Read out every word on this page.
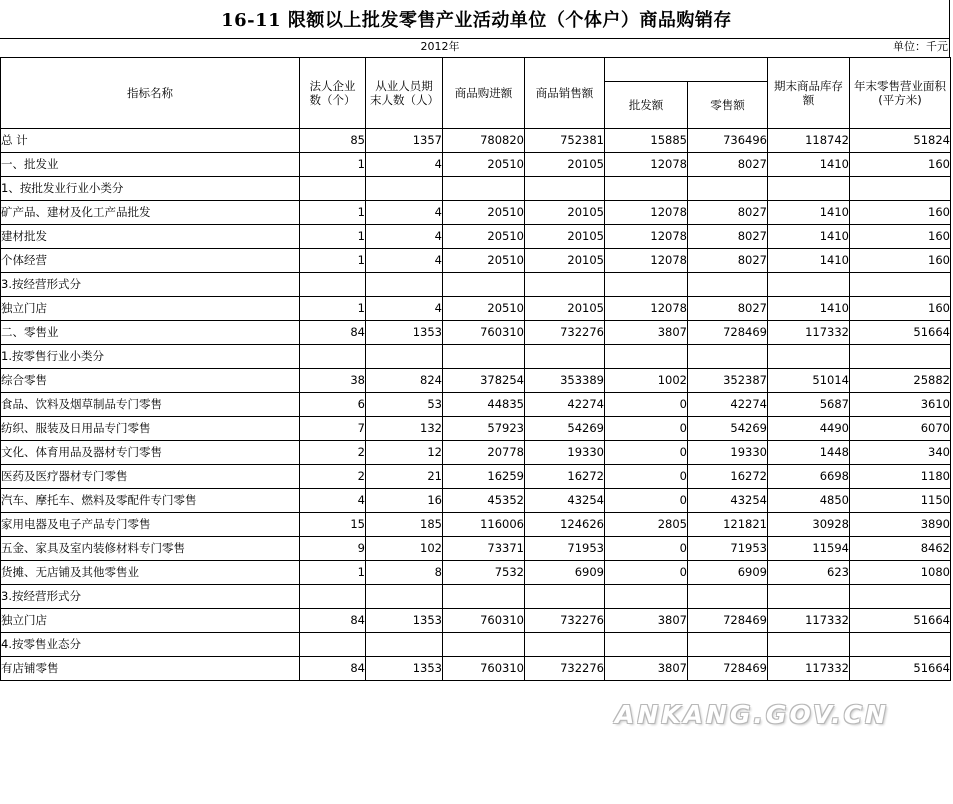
16-11 限额以上批发零售产业活动单位（个体户）商品购销存
2012年	单位：千元
指标名称	法人企业数（个）	从业人员期末人数（人）	商品购进额	商品销售额			期末商品库存额	年末零售营业面积(平方米)
					批发额	零售额		
总 计	85	1357	780820	752381	15885	736496	118742	51824
一、批发业	1	4	20510	20105	12078	8027	1410	160
1、按批发业行业小类分								
矿产品、建材及化工产品批发	1	4	20510	20105	12078	8027	1410	160
建材批发	1	4	20510	20105	12078	8027	1410	160
个体经营	1	4	20510	20105	12078	8027	1410	160
3.按经营形式分								
独立门店	1	4	20510	20105	12078	8027	1410	160
二、零售业	84	1353	760310	732276	3807	728469	117332	51664
1.按零售行业小类分								
综合零售	38	824	378254	353389	1002	352387	51014	25882
食品、饮料及烟草制品专门零售	6	53	44835	42274	0	42274	5687	3610
纺织、服装及日用品专门零售	7	132	57923	54269	0	54269	4490	6070
文化、体育用品及器材专门零售	2	12	20778	19330	0	19330	1448	340
医药及医疗器材专门零售	2	21	16259	16272	0	16272	6698	1180
汽车、摩托车、燃料及零配件专门零售	4	16	45352	43254	0	43254	4850	1150
家用电器及电子产品专门零售	15	185	116006	124626	2805	121821	30928	3890
五金、家具及室内装修材料专门零售	9	102	73371	71953	0	71953	11594	8462
货摊、无店铺及其他零售业	1	8	7532	6909	0	6909	623	1080
3.按经营形式分								
独立门店	84	1353	760310	732276	3807	728469	117332	51664
4.按零售业态分								
有店铺零售	84	1353	760310	732276	3807	728469	117332	51664
ANKANG.GOV.CN
